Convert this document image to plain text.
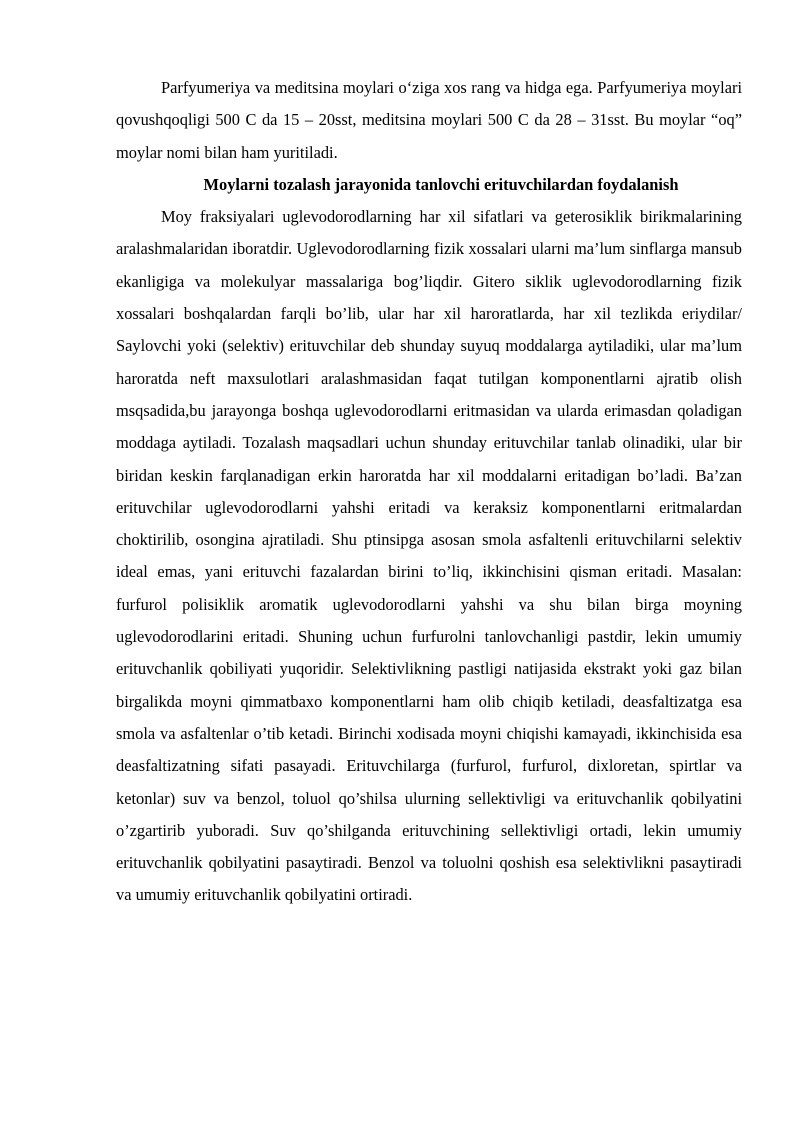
Parfyumeriya va meditsina moylari o‘ziga xos rang va hidga ega. Parfyumeriya moylari qovushqoqligi 500 C da 15 – 20sst, meditsina moylari 500 C da 28 – 31sst. Bu moylar “oq” moylar nomi bilan ham yuritiladi.

Moylarni tozalash jarayonida tanlovchi erituvchilardan foydalanish

Moy fraksiyalari uglevodorodlarning har xil sifatlari va geterosiklik birikmalarining aralashmalaridan iboratdir. Uglevodorodlarning fizik xossalari ularni ma’lum sinflarga mansub ekanligiga va molekulyar massalariga bog’liqdir. Gitero siklik uglevodorodlarning fizik xossalari boshqalardan farqli bo’lib, ular har xil haroratlarda, har xil tezlikda eriydilar/ Saylovchi yoki (selektiv) erituvchilar deb shunday suyuq moddalarga aytiladiki, ular ma’lum haroratda neft maxsulotlari aralashmasidan faqat tutilgan komponentlarni ajratib olish msqsadida,bu jarayonga boshqa uglevodorodlarni eritmasidan va ularda erimasdan qoladigan moddaga aytiladi. Tozalash maqsadlari uchun shunday erituvchilar tanlab olinadiki, ular bir biridan keskin farqlanadigan erkin haroratda har xil moddalarni eritadigan bo’ladi. Ba’zan erituvchilar uglevodorodlarni yahshi eritadi va keraksiz komponentlarni eritmalardan choktirilib, osongina ajratiladi. Shu ptinsipga asosan smola asfaltenli erituvchilarni selektiv ideal emas, yani erituvchi fazalardan birini to’liq, ikkinchisini qisman eritadi. Masalan: furfurol polisiklik aromatik uglevodorodlarni yahshi va shu bilan birga moyning uglevodorodlarini eritadi. Shuning uchun furfurolni tanlovchanligi pastdir, lekin umumiy erituvchanlik qobiliyati yuqoridir. Selektivlikning pastligi natijasida ekstrakt yoki gaz bilan birgalikda moyni qimmatbaxo komponentlarni ham olib chiqib ketiladi, deasfaltizatga esa smola va asfaltenlar o’tib ketadi. Birinchi xodisada moyni chiqishi kamayadi, ikkinchisida esa deasfaltizatning sifati pasayadi. Erituvchilarga (furfurol, furfurol, dixloretan, spirtlar va ketonlar) suv va benzol, toluol qo’shilsa ulurning sellektivligi va erituvchanlik qobilyatini o’zgartirib yuboradi. Suv qo’shilganda erituvchining sellektivligi ortadi, lekin umumiy erituvchanlik qobilyatini pasaytiradi. Benzol va toluolni qoshish esa selektivlikni pasaytiradi va umumiy erituvchanlik qobilyatini ortiradi.
